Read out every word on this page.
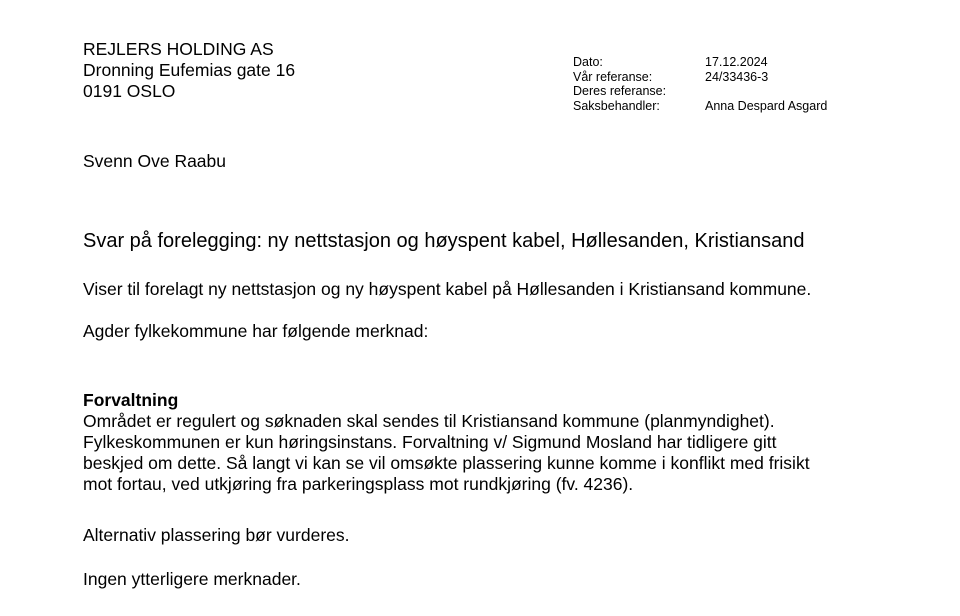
REJLERS HOLDING AS
Dronning Eufemias gate 16
0191 OSLO
Dato:	17.12.2024
Vår referanse:	24/33436-3
Deres referanse:
Saksbehandler:	Anna Despard Asgard
Svenn Ove Raabu
Svar på forelegging: ny nettstasjon og høyspent kabel, Høllesanden, Kristiansand
Viser til forelagt ny nettstasjon og ny høyspent kabel på Høllesanden i Kristiansand kommune.
Agder fylkekommune har følgende merknad:
Forvaltning
Området er regulert og søknaden skal sendes til Kristiansand kommune (planmyndighet).
Fylkeskommunen er kun høringsinstans. Forvaltning v/ Sigmund Mosland har tidligere gitt
beskjed om dette. Så langt vi kan se vil omsøkte plassering kunne komme i konflikt med frisikt
mot fortau, ved utkjøring fra parkeringsplass mot rundkjøring (fv. 4236).
Alternativ plassering bør vurderes.
Ingen ytterligere merknader.
